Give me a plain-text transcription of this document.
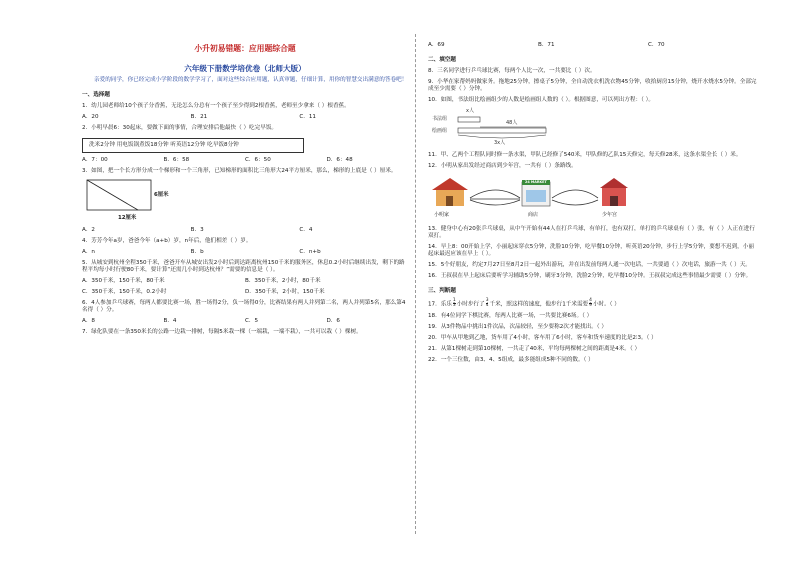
小升初易错题：应用题综合题
六年级下册数学培优卷（北师大版）

亲爱的同学，你已经完成小学阶段的数学学习了，面对这些综合应用题，认真审题，仔细计算，用你的智慧交出满意的答卷吧！

一、选择题

1．幼儿园老师给10个孩子分香蕉，无论怎么分总有一个孩子至少得到2根香蕉，老师至少拿来（ ）根香蕉。

A．20	B．21	C．11

2．小明早晨6：30起床，要做下面的事情，合理安排后他最快（ ）吃完早饭。

洗米2分钟 用电饭锅煮饭18分钟 听英语12分钟 吃早饭8分钟
A．7：00	B．6：58	C．6：50	D．6：48

3．如图，把一个长方形分成一个梯形和一个三角形，已知梯形的面积比三角形大24平方厘米，那么，梯形的上底是（ ）厘米。

6厘米
12厘米
A．2	B．3	C．4

4．芳芳今年a岁，爸爸今年（a+b）岁，n年后，他们相差（ ）岁。

A．n	B．b	C．n+b

5．从城安到杭州全程350千米，爸爸开车从城安出发2小时后到达距离杭州150千米的服务区，休息0.2小时后继续出发，剩下的路程平均每小时行驶80千米，要计算“还需几小时到达杭州？”需要的信息是（ ）。

A．350千米，150千米，80千米	B．350千米，2小时，80千米
C．350千米，150千米，0.2小时	D．350千米，2小时，150千米

6．4人参加乒乓球赛，每两人都要比赛一场，胜一场得2分，负一场得0分，比赛结果有两人并列第二名，两人并列第5名，那么第4名得（ ）分。

A．8	B．4	C．5	D．6

7．绿化队要在一条350米长的公路一边栽一排树，每隔5米栽一棵（一端栽，一端不栽），一共可以栽（ ）棵树。

A．69	B．71	C．70
二、填空题

8．三名同学进行乒乓球比赛，每两个人比一次，一共要比（ ）次。

9．小华在家帮妈妈做家务。拖地25分钟，擦桌子5分钟，全自动洗衣机洗衣物45分钟，收拾厨房15分钟，烧开水烧水5分钟。全部完成至少需要（ ）分钟。

10．如图，书法组比绘画组少的人数是绘画组人数的（ ）。根据图意，可以列出方程：（ ）。

x人
书法组
48人
绘画组
3x人

11．甲、乙两个工程队同时修一条水渠，甲队已经修了540米，甲队修的乙队15天修完，每天修28米，这条水渠全长（ ）米。

12．小明从家出发经过商店到少年宫，一共有（ ）条路线。

24 MARKET
小明家	商店	少年宫

13．健身中心有20张乒乓球桌，从中午开始有44人在打乒乓球，有单打，也有双打，单打的乒乓球桌有（ ）张，有（ ）人正在进行双打。

14．早上8：00开始上学，小丽起床穿衣5分钟，洗脸10分钟，吃早餐10分钟，听英语20分钟，步行上学5分钟，要想不迟到，小丽起床最迟应该在早上（ ）。

15．5个好朋友，约定7月27日至8月2日一起外出游玩，并在出发前每两人通一次电话，一共要通（ ）次电话，旅游一共（ ）天。

16．王叔叔在早上起床后要听学习辅助5分钟，刷牙3分钟，洗脸2分钟，吃早餐10分钟。王叔叔完成这些事情最少需要（ ）分钟。

三、判断题

17．乐乐 $\frac{1}{3}$ 小时步行了 $\frac{3}{4}$ 千米，照这样的速度，他步行1千米需要 $\frac{4}{9}$ 小时。（ ）

18．有4位同学下棋比赛，每两人比赛一场，一共要比赛6场。（ ）

19．从3件物品中挑出1件次品，次品较轻，至少要称2次才能找出。（ ）

20．甲车从甲地到乙地，货车用了4小时，客车用了6小时，客车和货车速度的比是2∶3。（ ）

21．从第1棵树走到第10棵树，一共走了40米，平均每两棵树之间的距离是4米。（ ）

22．一个三位数，由3、4、5组成，最多能组成5种不同的数。（ ）
